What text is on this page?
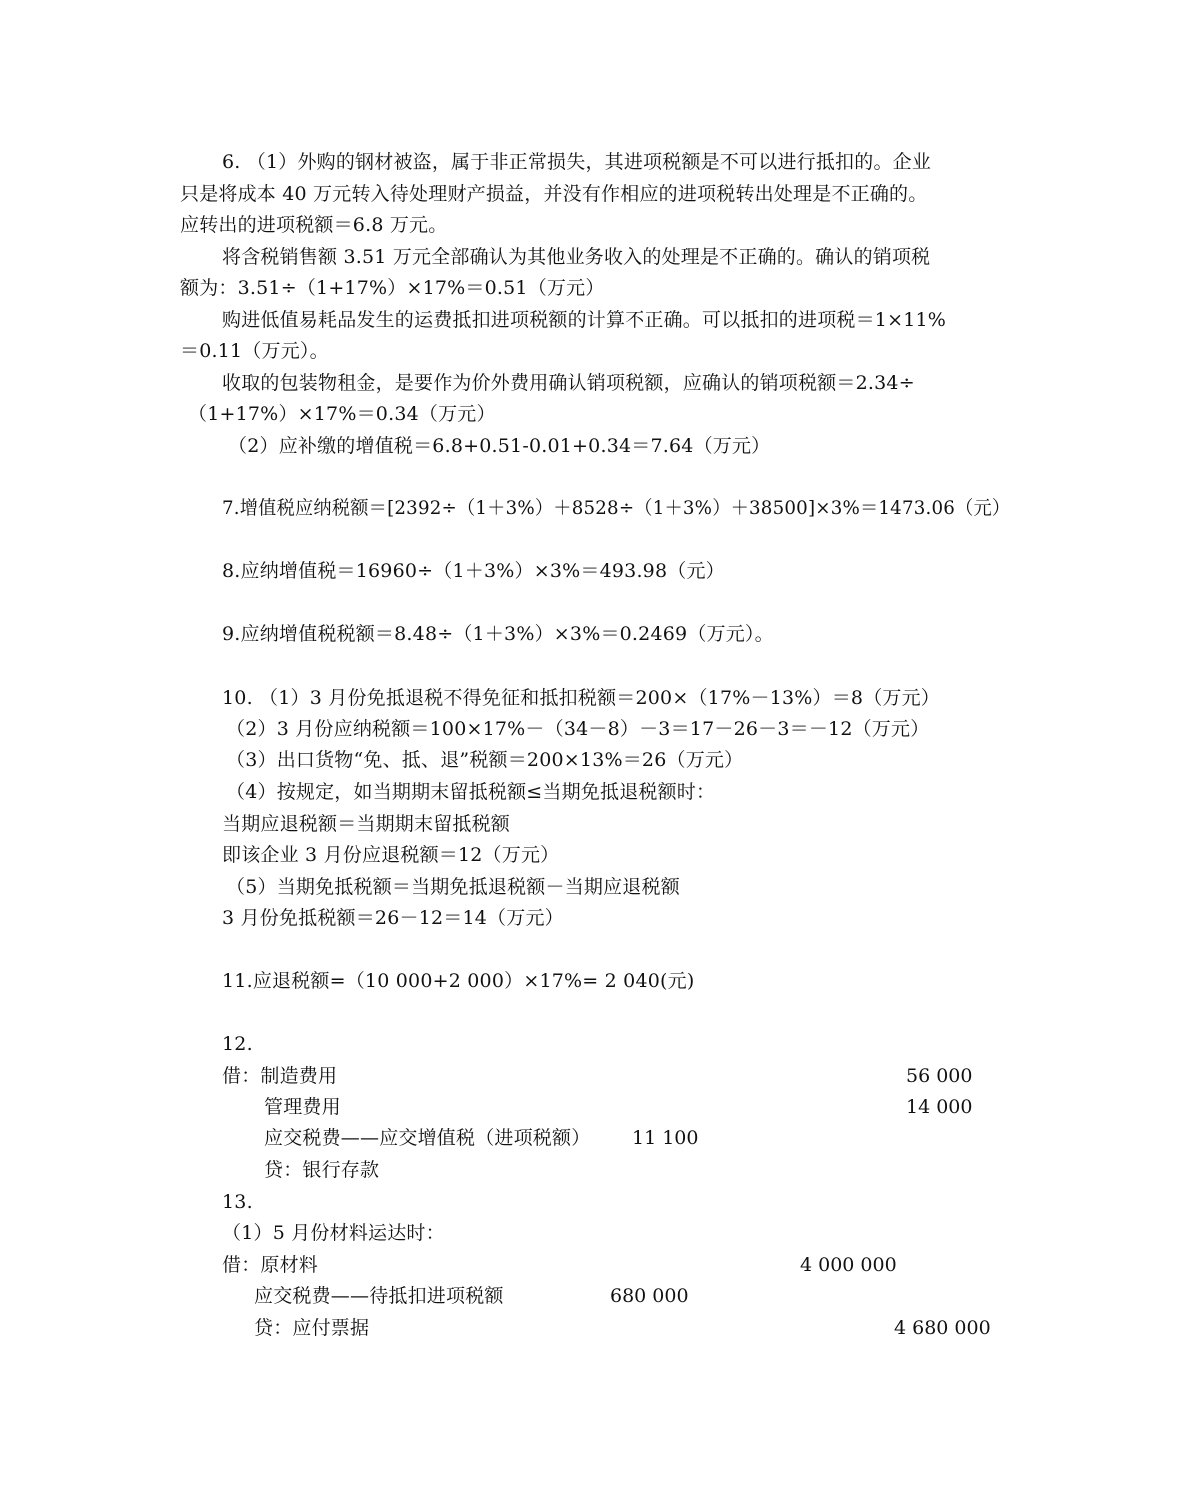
6. （1）外购的钢材被盗，属于非正常损失，其进项税额是不可以进行抵扣的。企业
只是将成本 40 万元转入待处理财产损益，并没有作相应的进项税转出处理是不正确的。
应转出的进项税额＝6.8 万元。
将含税销售额 3.51 万元全部确认为其他业务收入的处理是不正确的。确认的销项税
额为：3.51÷（1+17%）×17%＝0.51（万元）
购进低值易耗品发生的运费抵扣进项税额的计算不正确。可以抵扣的进项税＝1×11%
＝0.11（万元）。
收取的包装物租金，是要作为价外费用确认销项税额，应确认的销项税额＝2.34÷
（1+17%）×17%＝0.34（万元）
（2）应补缴的增值税＝6.8+0.51-0.01+0.34＝7.64（万元）
7.增值税应纳税额＝[2392÷（1＋3%）＋8528÷（1＋3%）＋38500]×3%＝1473.06（元）
8.应纳增值税＝16960÷（1＋3%）×3%＝493.98（元）
9.应纳增值税税额＝8.48÷（1＋3%）×3%＝0.2469（万元）。
10. （1）3 月份免抵退税不得免征和抵扣税额＝200×（17%－13%）＝8（万元）
（2）3 月份应纳税额＝100×17%－（34－8）－3＝17－26－3＝－12（万元）
（3）出口货物“免、抵、退”税额＝200×13%＝26（万元）
（4）按规定，如当期期末留抵税额≤当期免抵退税额时：
当期应退税额＝当期期末留抵税额
即该企业 3 月份应退税额＝12（万元）
（5）当期免抵税额＝当期免抵退税额－当期应退税额
3 月份免抵税额＝26－12＝14（万元）
11.应退税额=（10 000+2 000）×17%= 2 040(元)
12.
借：制造费用	56 000
管理费用	14 000
应交税费——应交增值税（进项税额） 11 100
贷：银行存款
13.
（1）5 月份材料运达时：
借：原材料	4 000 000
应交税费——待抵扣进项税额	680 000
贷：应付票据	4 680 000
